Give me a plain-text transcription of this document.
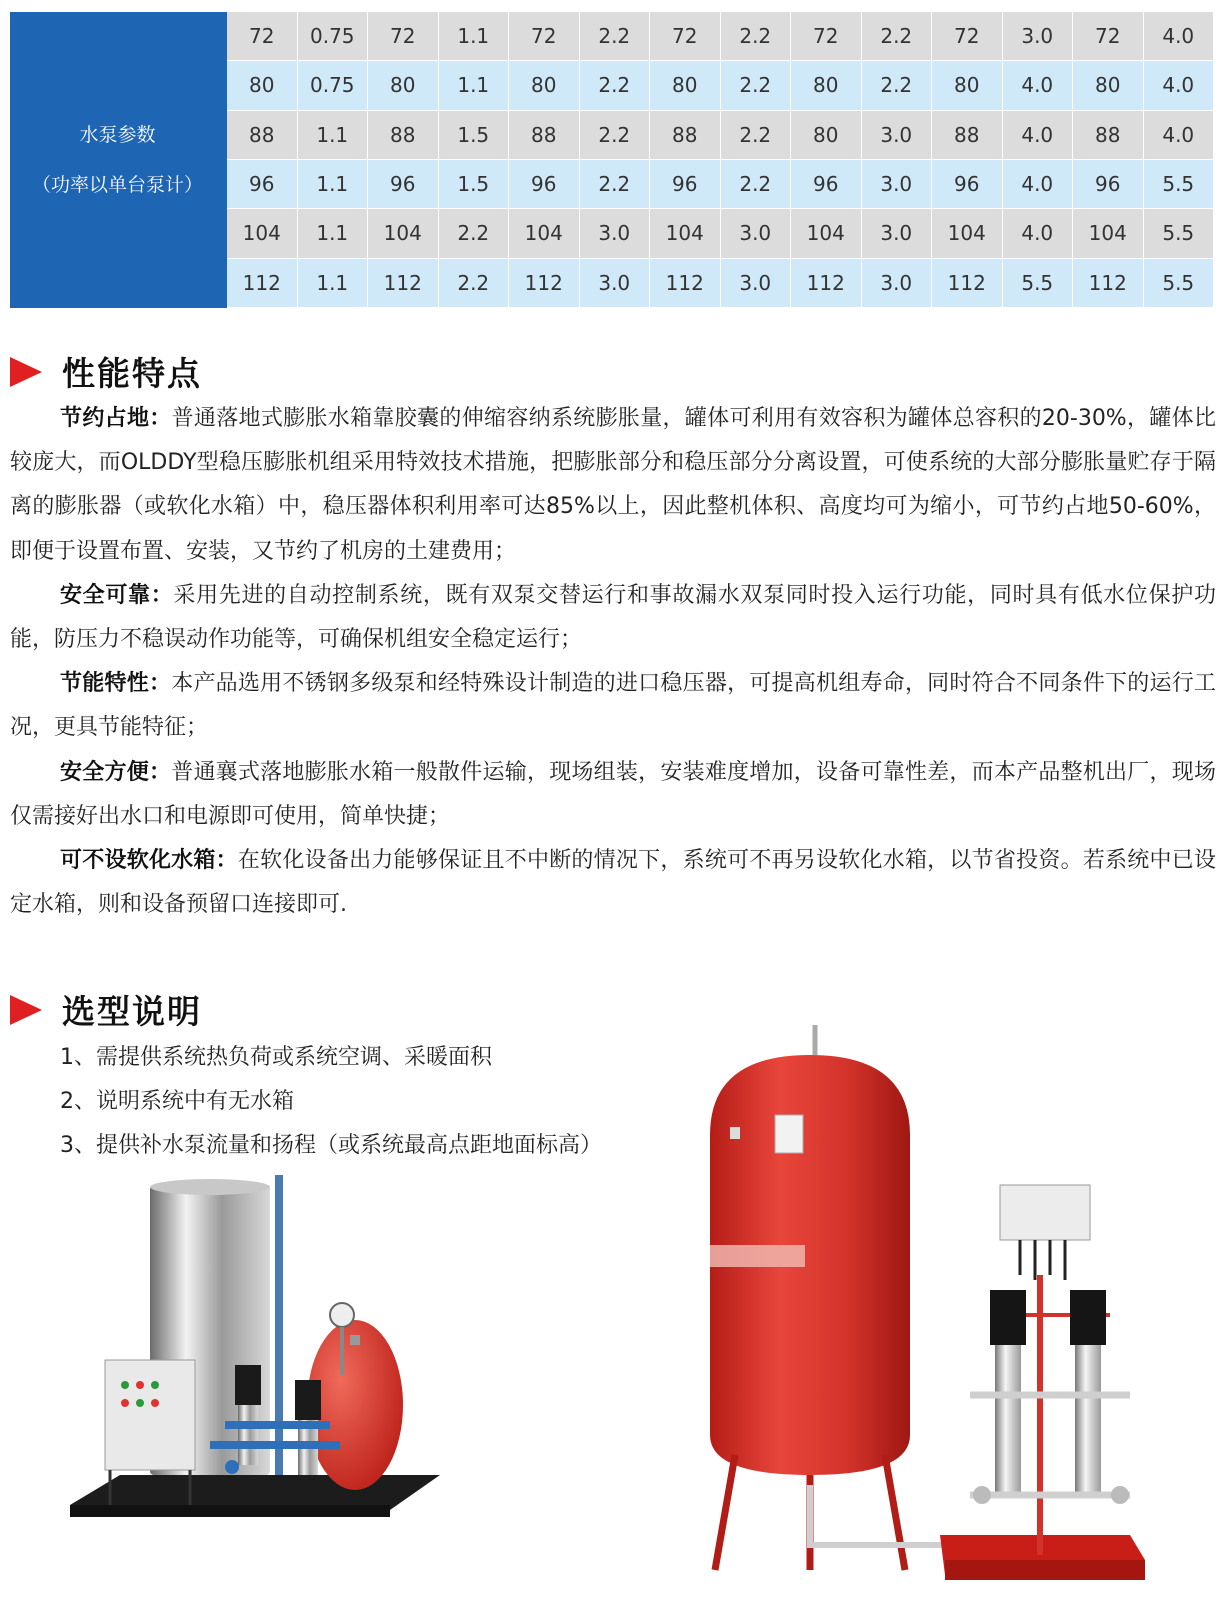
水泵参数
（功率以单台泵计）
72	0.75	72	1.1	72	2.2	72	2.2	72	2.2	72	3.0	72	4.0
80	0.75	80	1.1	80	2.2	80	2.2	80	2.2	80	4.0	80	4.0
88	1.1	88	1.5	88	2.2	88	2.2	80	3.0	88	4.0	88	4.0
96	1.1	96	1.5	96	2.2	96	2.2	96	3.0	96	4.0	96	5.5
104	1.1	104	2.2	104	3.0	104	3.0	104	3.0	104	4.0	104	5.5
112	1.1	112	2.2	112	3.0	112	3.0	112	3.0	112	5.5	112	5.5
性能特点

节约占地：普通落地式膨胀水箱靠胶囊的伸缩容纳系统膨胀量，罐体可利用有效容积为罐体总容积的20-30%，罐体比较庞大，而OLDDY型稳压膨胀机组采用特效技术措施，把膨胀部分和稳压部分分离设置，可使系统的大部分膨胀量贮存于隔离的膨胀器（或软化水箱）中，稳压器体积利用率可达85%以上，因此整机体积、高度均可为缩小，可节约占地50-60%，即便于设置布置、安装，又节约了机房的土建费用；

安全可靠：采用先进的自动控制系统，既有双泵交替运行和事故漏水双泵同时投入运行功能，同时具有低水位保护功能，防压力不稳误动作功能等，可确保机组安全稳定运行；

节能特性：本产品选用不锈钢多级泵和经特殊设计制造的进口稳压器，可提高机组寿命，同时符合不同条件下的运行工况，更具节能特征；

安全方便：普通襄式落地膨胀水箱一般散件运输，现场组装，安装难度增加，设备可靠性差，而本产品整机出厂，现场仅需接好出水口和电源即可使用，简单快捷；

可不设软化水箱：在软化设备出力能够保证且不中断的情况下，系统可不再另设软化水箱，以节省投资。若系统中已设定水箱，则和设备预留口连接即可.

选型说明
1、需提供系统热负荷或系统空调、采暖面积
2、说明系统中有无水箱
3、提供补水泵流量和扬程（或系统最高点距地面标高）
